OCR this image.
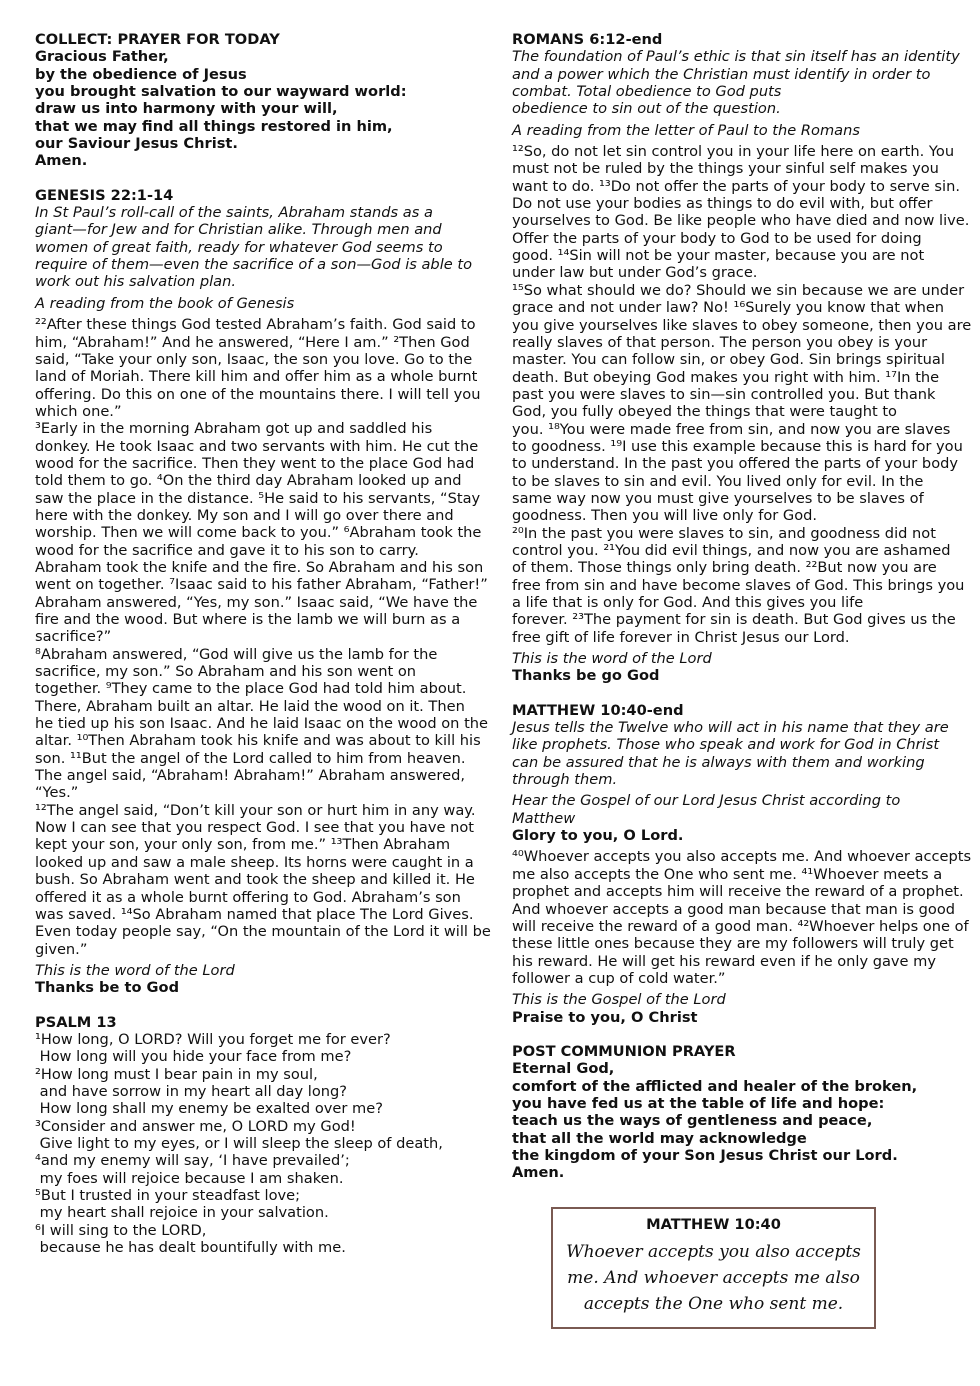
COLLECT: PRAYER FOR TODAY
Gracious Father,
by the obedience of Jesus
you brought salvation to our wayward world:
draw us into harmony with your will,
that we may find all things restored in him,
our Saviour Jesus Christ.
Amen.
GENESIS 22:1-14
In St Paul’s roll-call of the saints, Abraham stands as a
giant—for Jew and for Christian alike. Through men and
women of great faith, ready for whatever God seems to
require of them—even the sacrifice of a son—God is able to
work out his salvation plan.
A reading from the book of Genesis
²²After these things God tested Abraham’s faith. God said to
him, “Abraham!” And he answered, “Here I am.” ²Then God
said, “Take your only son, Isaac, the son you love. Go to the
land of Moriah. There kill him and offer him as a whole burnt
offering. Do this on one of the mountains there. I will tell you
which one.”
³Early in the morning Abraham got up and saddled his
donkey. He took Isaac and two servants with him. He cut the
wood for the sacrifice. Then they went to the place God had
told them to go. ⁴On the third day Abraham looked up and
saw the place in the distance. ⁵He said to his servants, “Stay
here with the donkey. My son and I will go over there and
worship. Then we will come back to you.” ⁶Abraham took the
wood for the sacrifice and gave it to his son to carry.
Abraham took the knife and the fire. So Abraham and his son
went on together. ⁷Isaac said to his father Abraham, “Father!”
Abraham answered, “Yes, my son.” Isaac said, “We have the
fire and the wood. But where is the lamb we will burn as a
sacrifice?”
⁸Abraham answered, “God will give us the lamb for the
sacrifice, my son.” So Abraham and his son went on
together. ⁹They came to the place God had told him about.
There, Abraham built an altar. He laid the wood on it. Then
he tied up his son Isaac. And he laid Isaac on the wood on the
altar. ¹⁰Then Abraham took his knife and was about to kill his
son. ¹¹But the angel of the Lord called to him from heaven.
The angel said, “Abraham! Abraham!” Abraham answered,
“Yes.”
¹²The angel said, “Don’t kill your son or hurt him in any way.
Now I can see that you respect God. I see that you have not
kept your son, your only son, from me.” ¹³Then Abraham
looked up and saw a male sheep. Its horns were caught in a
bush. So Abraham went and took the sheep and killed it. He
offered it as a whole burnt offering to God. Abraham’s son
was saved. ¹⁴So Abraham named that place The Lord Gives.
Even today people say, “On the mountain of the Lord it will be
given.”
This is the word of the Lord
Thanks be to God
PSALM 13
¹How long, O LORD? Will you forget me for ever?
How long will you hide your face from me?
²How long must I bear pain in my soul,
and have sorrow in my heart all day long?
How long shall my enemy be exalted over me?
³Consider and answer me, O LORD my God!
Give light to my eyes, or I will sleep the sleep of death,
⁴and my enemy will say, ‘I have prevailed’;
my foes will rejoice because I am shaken.
⁵But I trusted in your steadfast love;
my heart shall rejoice in your salvation.
⁶I will sing to the LORD,
because he has dealt bountifully with me.
ROMANS 6:12-end
The foundation of Paul’s ethic is that sin itself has an identity
and a power which the Christian must identify in order to
combat. Total obedience to God puts
obedience to sin out of the question.
A reading from the letter of Paul to the Romans
¹²So, do not let sin control you in your life here on earth. You
must not be ruled by the things your sinful self makes you
want to do. ¹³Do not offer the parts of your body to serve sin.
Do not use your bodies as things to do evil with, but offer
yourselves to God. Be like people who have died and now live.
Offer the parts of your body to God to be used for doing
good. ¹⁴Sin will not be your master, because you are not
under law but under God’s grace.
¹⁵So what should we do? Should we sin because we are under
grace and not under law? No! ¹⁶Surely you know that when
you give yourselves like slaves to obey someone, then you are
really slaves of that person. The person you obey is your
master. You can follow sin, or obey God. Sin brings spiritual
death. But obeying God makes you right with him. ¹⁷In the
past you were slaves to sin—sin controlled you. But thank
God, you fully obeyed the things that were taught to
you. ¹⁸You were made free from sin, and now you are slaves
to goodness. ¹⁹I use this example because this is hard for you
to understand. In the past you offered the parts of your body
to be slaves to sin and evil. You lived only for evil. In the
same way now you must give yourselves to be slaves of
goodness. Then you will live only for God.
²⁰In the past you were slaves to sin, and goodness did not
control you. ²¹You did evil things, and now you are ashamed
of them. Those things only bring death. ²²But now you are
free from sin and have become slaves of God. This brings you
a life that is only for God. And this gives you life
forever. ²³The payment for sin is death. But God gives us the
free gift of life forever in Christ Jesus our Lord.
This is the word of the Lord
Thanks be go God
MATTHEW 10:40-end
Jesus tells the Twelve who will act in his name that they are
like prophets. Those who speak and work for God in Christ
can be assured that he is always with them and working
through them.
Hear the Gospel of our Lord Jesus Christ according to
Matthew
Glory to you, O Lord.
⁴⁰Whoever accepts you also accepts me. And whoever accepts
me also accepts the One who sent me. ⁴¹Whoever meets a
prophet and accepts him will receive the reward of a prophet.
And whoever accepts a good man because that man is good
will receive the reward of a good man. ⁴²Whoever helps one of
these little ones because they are my followers will truly get
his reward. He will get his reward even if he only gave my
follower a cup of cold water.”
This is the Gospel of the Lord
Praise to you, O Christ
POST COMMUNION PRAYER
Eternal God,
comfort of the afflicted and healer of the broken,
you have fed us at the table of life and hope:
teach us the ways of gentleness and peace,
that all the world may acknowledge
the kingdom of your Son Jesus Christ our Lord.
Amen.
MATTHEW 10:40
Whoever accepts you also accepts
me. And whoever accepts me also
accepts the One who sent me.
